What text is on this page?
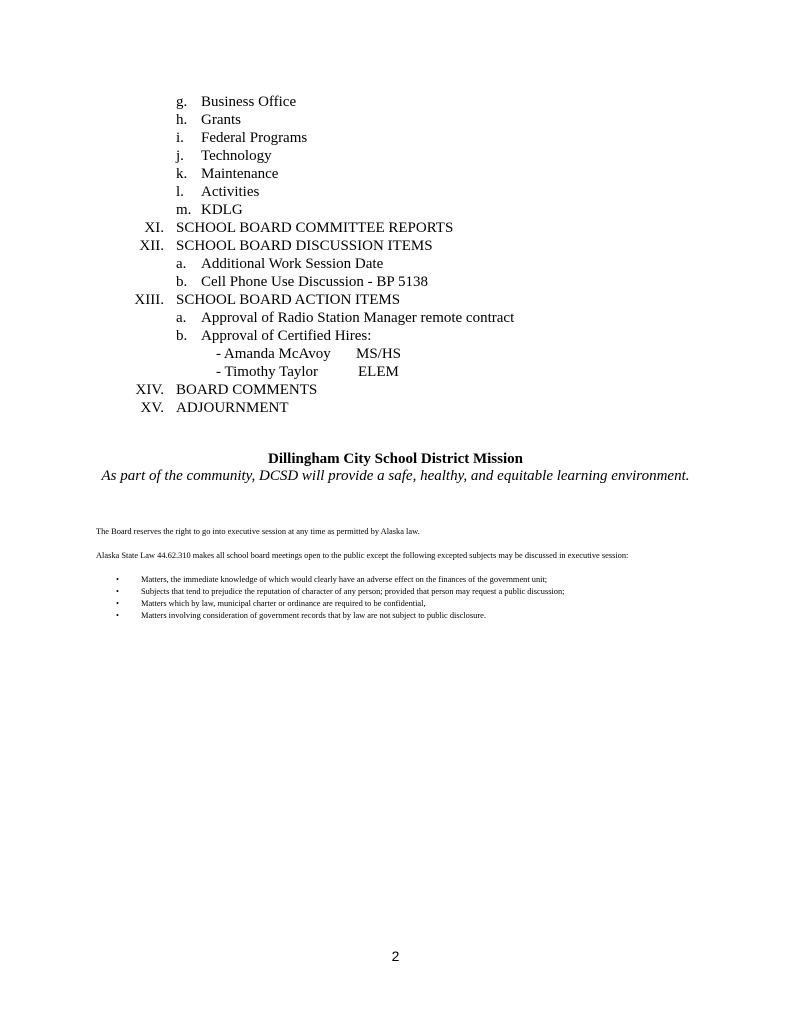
g. Business Office
h. Grants
i. Federal Programs
j. Technology
k. Maintenance
l. Activities
m. KDLG
XI. SCHOOL BOARD COMMITTEE REPORTS
XII. SCHOOL BOARD DISCUSSION ITEMS
a. Additional Work Session Date
b. Cell Phone Use Discussion - BP 5138
XIII. SCHOOL BOARD ACTION ITEMS
a. Approval of Radio Station Manager remote contract
b. Approval of Certified Hires:
- Amanda McAvoy MS/HS
- Timothy Taylor	ELEM
XIV. BOARD COMMENTS
XV. ADJOURNMENT
Dillingham City School District Mission
As part of the community, DCSD will provide a safe, healthy, and equitable learning environment.
The Board reserves the right to go into executive session at any time as permitted by Alaska law.
Alaska State Law 44.62.310 makes all school board meetings open to the public except the following excepted subjects may be discussed in executive session:
•	Matters, the immediate knowledge of which would clearly have an adverse effect on the finances of the government unit;
•	Subjects that tend to prejudice the reputation of character of any person; provided that person may request a public discussion;
•	Matters which by law, municipal charter or ordinance are required to be confidential,
•	Matters involving consideration of government records that by law are not subject to public disclosure.
2
